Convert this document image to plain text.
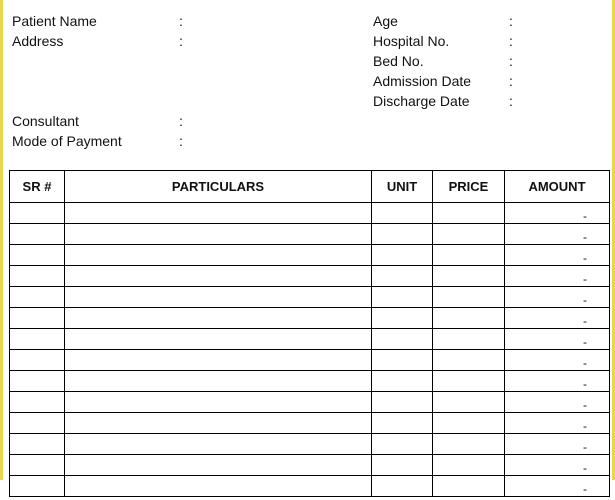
Patient Name	:
Address	:
Consultant	:
Mode of Payment	:
Age	:
Hospital No.	:
Bed No.	:
Admission Date	:
Discharge Date	:
SR #	PARTICULARS	UNIT	PRICE	AMOUNT
				-
				-
				-
				-
				-
				-
				-
				-
				-
				-
				-
				-
				-
				-
